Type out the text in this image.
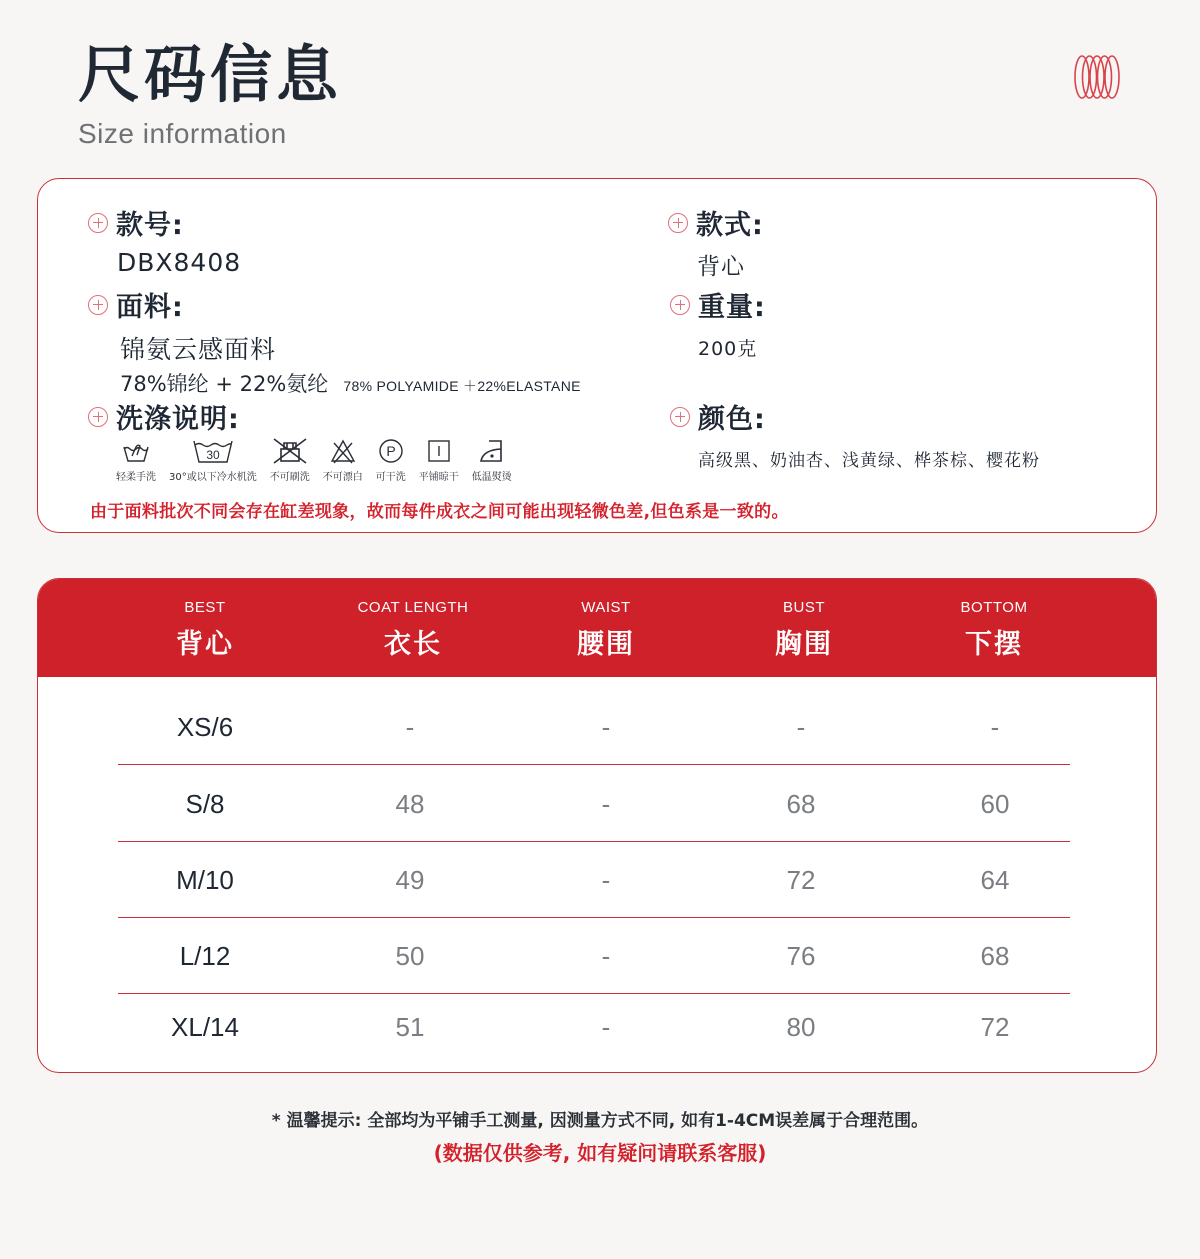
尺码信息
Size information
款号:
DBX8408
面料:
锦氨云感面料
78%锦纶 + 22%氨纶 78% POLYAMIDE ＋22%ELASTANE
洗涤说明:
轻柔手洗
30
30°或以下冷水机洗 不可刷洗 不可漂白
P
可干洗 平铺晾干 低温熨烫
款式:
背心
重量:
200克
颜色:
高级黑、奶油杏、浅黄绿、桦茶棕、樱花粉
由于面料批次不同会存在缸差现象，故而每件成衣之间可能出现轻微色差,但色系是一致的。
BEST
背心
COAT LENGTH
衣长
WAIST
腰围
BUST
胸围
BOTTOM
下摆
XS/6	-	-	-	-
S/8	48	-	68	60
M/10	49	-	72	64
L/12	50	-	76	68
XL/14	51	-	80	72
* 温馨提示: 全部均为平铺手工测量, 因测量方式不同, 如有1-4CM误差属于合理范围。
(数据仅供参考, 如有疑问请联系客服)
